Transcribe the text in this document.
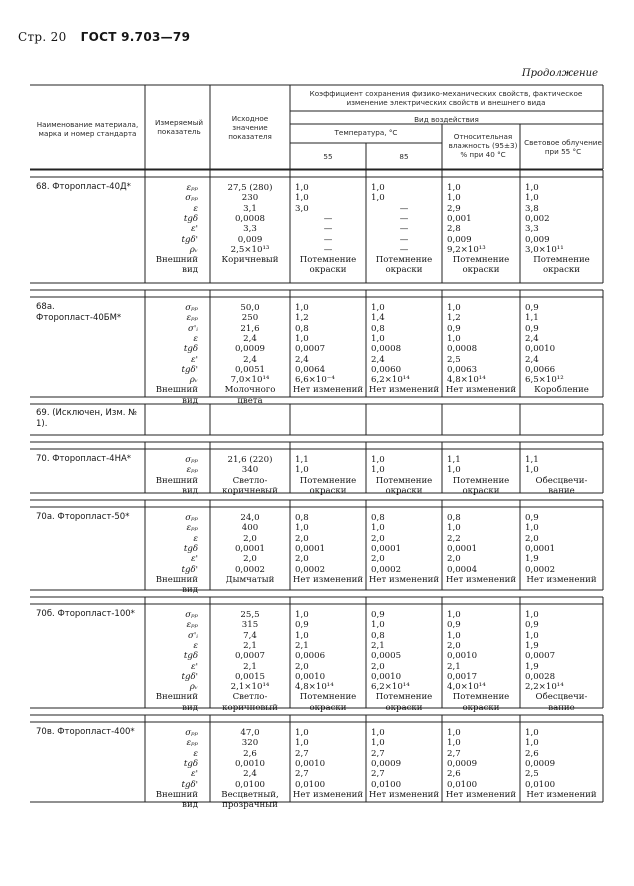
Стр. 20 ГОСТ 9.703—79
Продолжение
Наименование материала, марка и номер стандарта
Измеряемый показатель
Исходное значение показателя
Коэффициент сохранения физико-механических свойств, фактическое изменение электрических свойств и внешнего вида
Вид воздействия
Температура, °С
55	85
Относительная влажность (95±3) % при 40 °С
Световое облучение при 55 °С
68. Фторопласт-40Д*	εₚₚ	27,5 (280)	1,0	1,0	1,0	1,0
σₚₚ	230	1,0	1,0	1,0	1,0
ε	3,1	3,0	—	2,9	3,8
tgδ	0,0008	—	—	0,001	0,002
ε'	3,3	—	—	2,8	3,3
tgδ'	0,009	—	—	0,009	0,009
ρᵥ	2,5×10¹³	—	—	9,2×10¹³	3,0×10¹¹
Внешний	Коричневый	Потемнение	Потемнение	Потемнение	Потемнение
вид	окраски	окраски	окраски	окраски
68а. Фторопласт-40БМ*
σₚₚ	50,0	1,0	1,0	1,0	0,9
εₚₚ	250	1,2	1,4	1,2	1,1
σ'ᵢ	21,6	0,8	0,8	0,9	0,9
ε	2,4	1,0	1,0	1,0	2,4
tgδ	0,0009	0,0007	0,0008	0,0008	0,0010
ε'	2,4	2,4	2,4	2,5	2,4
tgδ'	0,0051	0,0064	0,0060	0,0063	0,0066
ρᵥ	7,0×10¹⁴	6,6×10⁻⁴	6,2×10¹⁴	4,8×10¹⁴	6,5×10¹²
Внешний	Молочного	Нет изменений Нет изменений Нет изменений	Коробление
вид	цвета
69. (Исключен, Изм. № 1).
70. Фторопласт-4НА*	σₚₚ	21,6 (220)	1,1	1,0	1,1	1,1
εₚₚ	340	1,0	1,0	1,0	1,0
Внешний	Светло-	Потемнение	Потемнение	Потемнение	Обесцвечи-
вид	коричневый	окраски	окраски	окраски	вание
70а. Фторопласт-50*	σₚₚ	24,0	0,8	0,8	0,8	0,9
εₚₚ	400	1,0	1,0	1,0	1,0
ε	2,0	2,0	2,0	2,2	2,0
tgδ	0,0001	0,0001	0,0001	0,0001	0,0001
ε'	2,0	2,0	2,0	2,0	1,9
tgδ'	0,0002	0,0002	0,0002	0,0004	0,0002
Внешний	Дымчатый	Нет изменений Нет изменений Нет изменений	Нет изменений
вид
70б. Фторопласт-100*	σₚₚ	25,5	1,0	0,9	1,0	1,0
εₚₚ	315	0,9	1,0	0,9	0,9
σ'ᵢ	7,4	1,0	0,8	1,0	1,0
ε	2,1	2,1	2,1	2,0	1,9
tgδ	0,0007	0,0006	0,0005	0,0010	0,0007
ε'	2,1	2,0	2,0	2,1	1,9
tgδ'	0,0015	0,0010	0,0010	0,0017	0,0028
ρᵥ	2,1×10¹⁴	4,8×10¹⁴	6,2×10¹⁴	4,0×10¹⁴	2,2×10¹⁴
Внешний	Светло-	Потемнение	Потемнение	Потемнение	Обесцвечи-
вид	коричневый	окраски	окраски	окраски	вание
70в. Фторопласт-400*	σₚₚ	47,0	1,0	1,0	1,0	1,0
εₚₚ	320	1,0	1,0	1,0	1,0
ε	2,6	2,7	2,7	2,7	2,6
tgδ	0,0010	0,0010	0,0009	0,0009	0,0009
ε'	2,4	2,7	2,7	2,6	2,5
tgδ'	0,0100	0,0100	0,0100	0,0100	0,0100
Внешний	Весцветный,	Нет изменений Нет изменений Нет изменений	Нет изменений
вид	прозрачный
